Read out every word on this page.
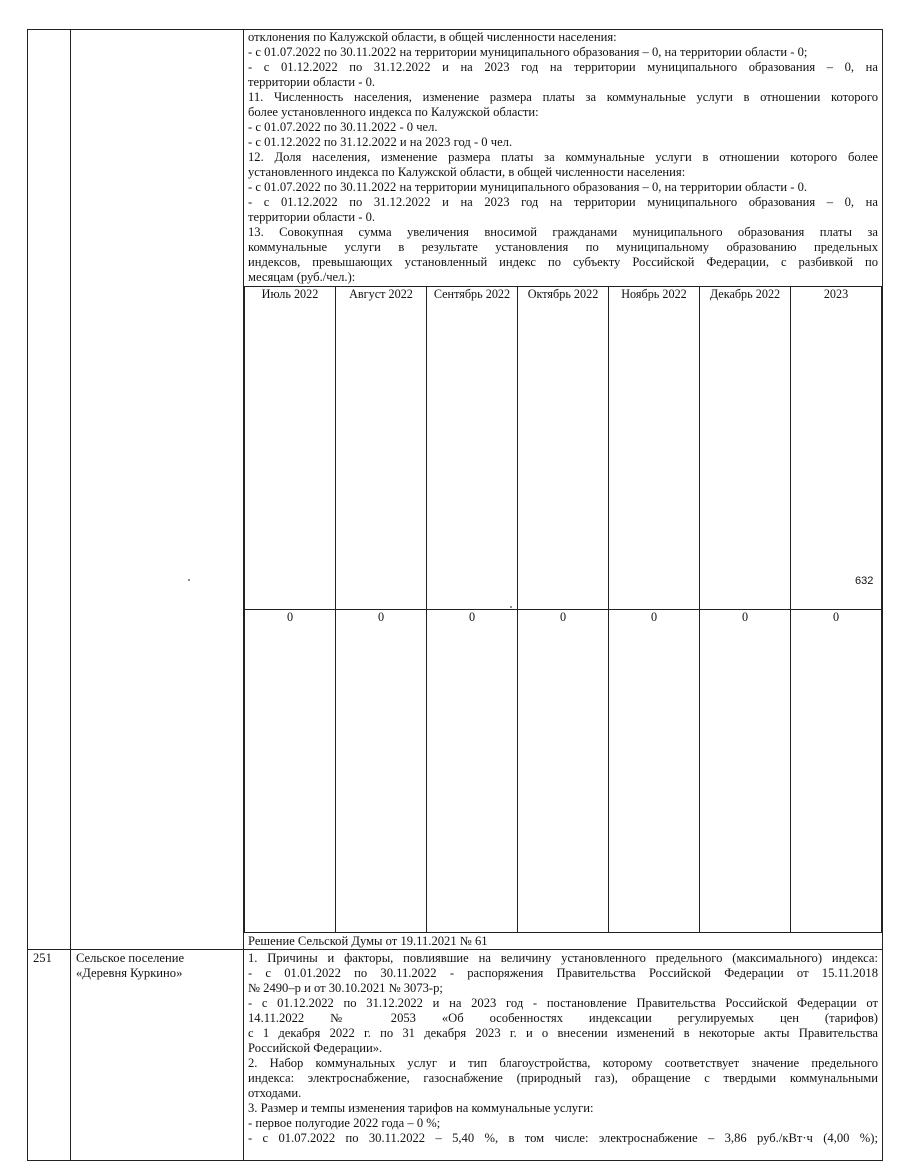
отклонения по Калужской области, в общей численности населения:

- с 01.07.2022 по 30.11.2022 на территории муниципального образования – 0, на территории области - 0;

- с 01.12.2022 по 31.12.2022 и на 2023 год на территории муниципального образования – 0, на

территории области - 0.

11. Численность населения, изменение размера платы за коммунальные услуги в отношении которого

более установленного индекса по Калужской области:

- с 01.07.2022 по 30.11.2022 - 0 чел.

- с 01.12.2022 по 31.12.2022 и на 2023 год - 0 чел.

12. Доля населения, изменение размера платы за коммунальные услуги в отношении которого более

установленного индекса по Калужской области, в общей численности населения:

- с 01.07.2022 по 30.11.2022 на территории муниципального образования – 0, на территории области - 0.

- с 01.12.2022 по 31.12.2022 и на 2023 год на территории муниципального образования – 0, на

территории области - 0.

13. Совокупная сумма увеличения вносимой гражданами муниципального образования платы за

коммунальные услуги в результате установления по муниципальному образованию предельных

индексов, превышающих установленный индекс по субъекту Российской Федерации, с разбивкой по

месяцам (руб./чел.):

Июль 2022	Август 2022	Сентябрь 2022	Октябрь 2022	Ноябрь 2022	Декабрь 2022	2023
0	0	0	0	0	0	0

Решение Сельской Думы от 19.11.2021 № 61

251	Сельское поселение
«Деревня Куркино»

1. Причины и факторы, повлиявшие на величину установленного предельного (максимального) индекса:

- с 01.01.2022 по 30.11.2022 - распоряжения Правительства Российской Федерации от 15.11.2018

№ 2490–р и от 30.10.2021 № 3073-р;

- с 01.12.2022 по 31.12.2022 и на 2023 год - постановление Правительства Российской Федерации от

14.11.2022 № 2053 «Об особенностях индексации регулируемых цен (тарифов)

с 1 декабря 2022 г. по 31 декабря 2023 г. и о внесении изменений в некоторые акты Правительства

Российской Федерации».

2. Набор коммунальных услуг и тип благоустройства, которому соответствует значение предельного

индекса: электроснабжение, газоснабжение (природный газ), обращение с твердыми коммунальными

отходами.

3. Размер и темпы изменения тарифов на коммунальные услуги:

- первое полугодие 2022 года – 0 %;

- с 01.07.2022 по 30.11.2022 – 5,40 %, в том числе: электроснабжение – 3,86 руб./кВт·ч (4,00 %);

632
